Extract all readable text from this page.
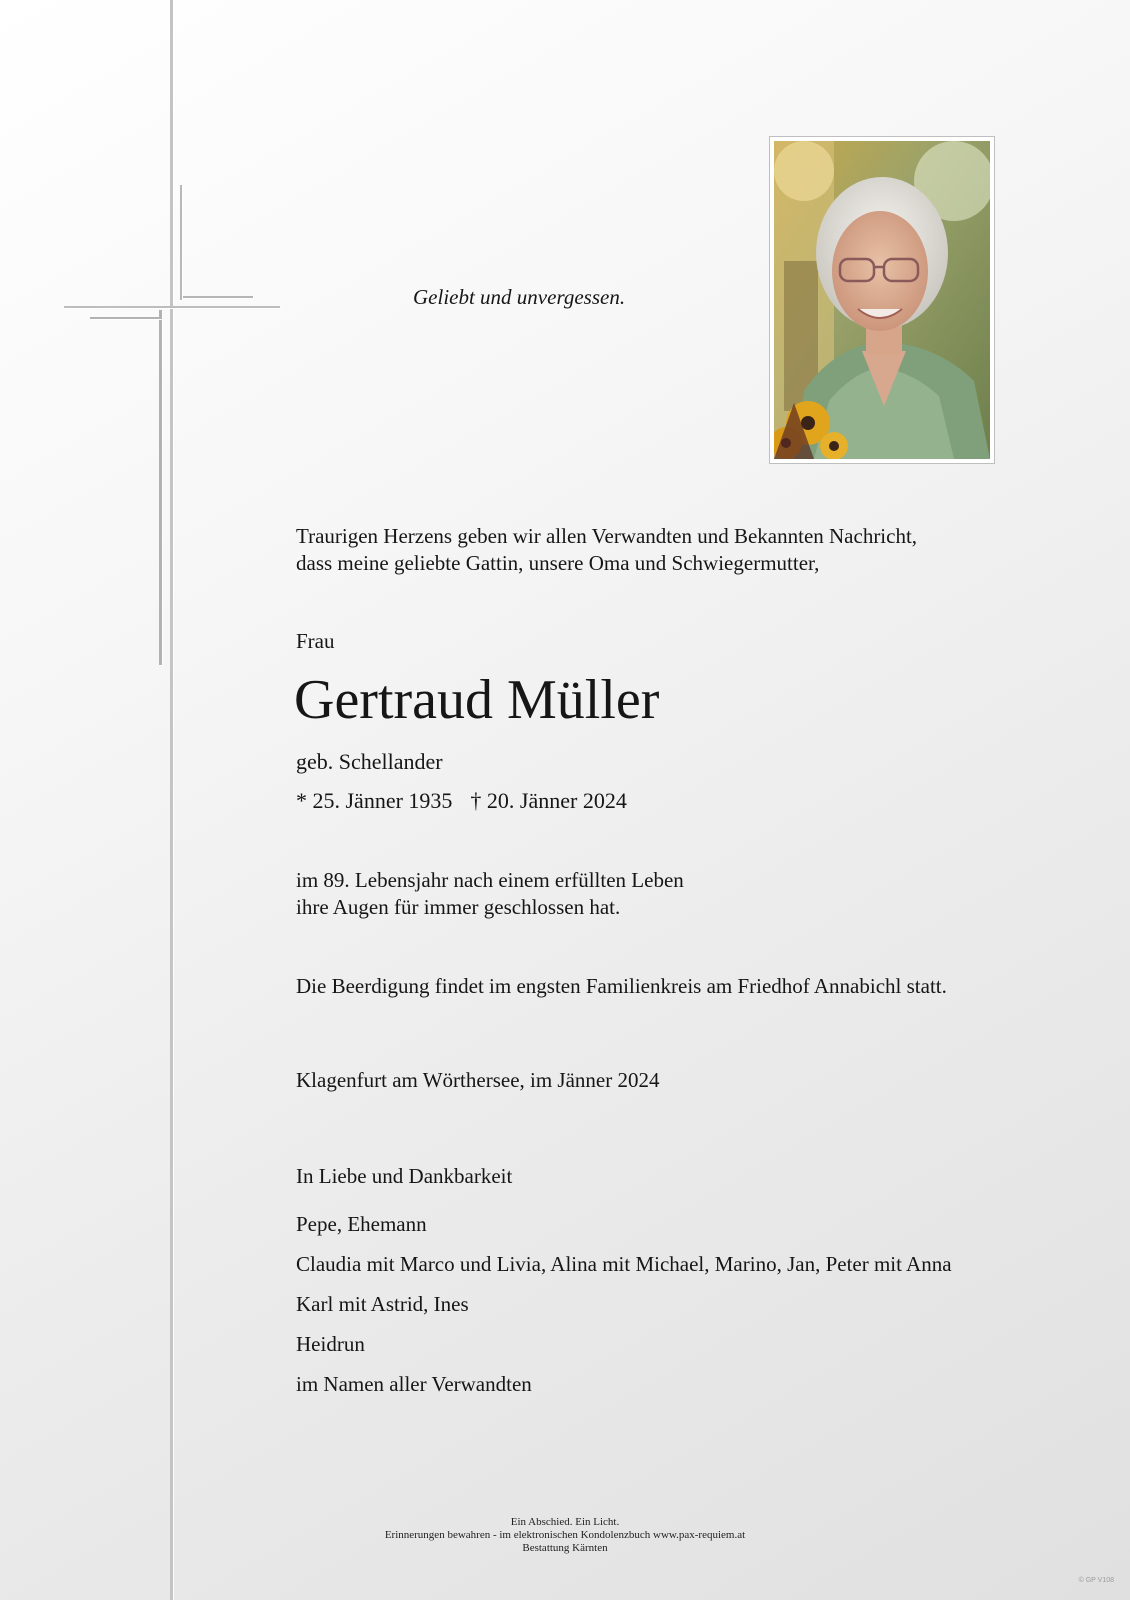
Geliebt und unvergessen.
Traurigen Herzens geben wir allen Verwandten und Bekannten Nachricht,
dass meine geliebte Gattin, unsere Oma und Schwiegermutter,
Frau
Gertraud Müller
geb. Schellander
* 25. Jänner 1935 † 20. Jänner 2024
im 89. Lebensjahr nach einem erfüllten Leben
ihre Augen für immer geschlossen hat.
Die Beerdigung findet im engsten Familienkreis am Friedhof Annabichl statt.
Klagenfurt am Wörthersee, im Jänner 2024
In Liebe und Dankbarkeit
Pepe, Ehemann
Claudia mit Marco und Livia, Alina mit Michael, Marino, Jan, Peter mit Anna
Karl mit Astrid, Ines
Heidrun
im Namen aller Verwandten
Ein Abschied. Ein Licht.
Erinnerungen bewahren - im elektronischen Kondolenzbuch www.pax-requiem.at
Bestattung Kärnten
© GP V108
